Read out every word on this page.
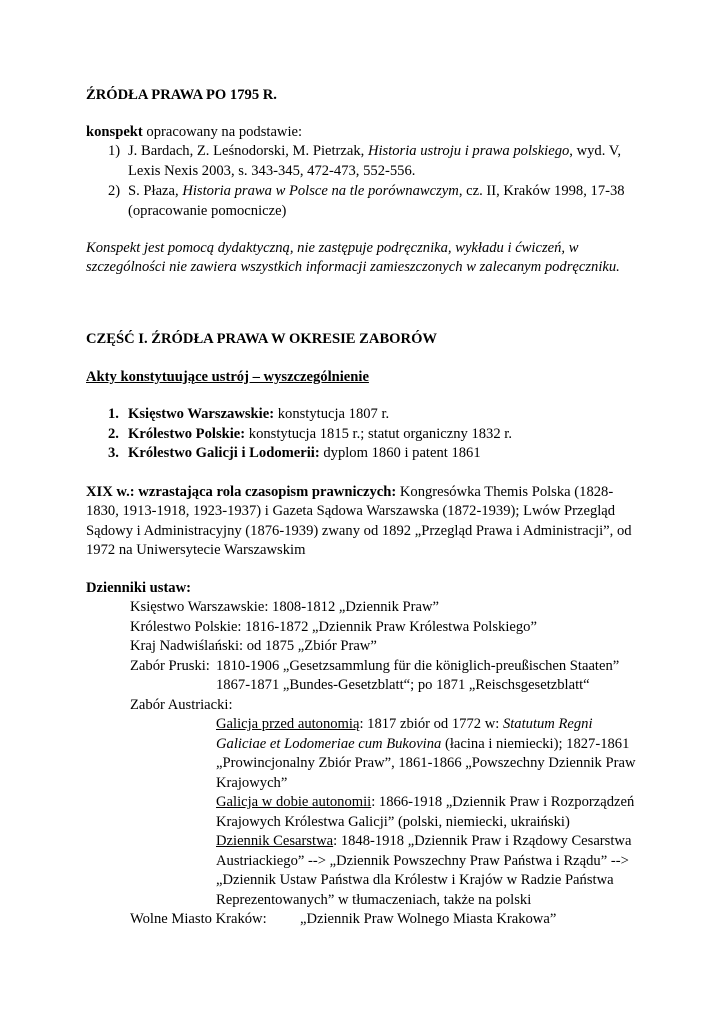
ŹRÓDŁA PRAWA PO 1795 R.
konspekt opracowany na podstawie:
1) J. Bardach, Z. Leśnodorski, M. Pietrzak, Historia ustroju i prawa polskiego, wyd. V,
Lexis Nexis 2003, s. 343-345, 472-473, 552-556.
2) S. Płaza, Historia prawa w Polsce na tle porównawczym, cz. II, Kraków 1998, 17-38
(opracowanie pomocnicze)
Konspekt jest pomocą dydaktyczną, nie zastępuje podręcznika, wykładu i ćwiczeń, w
szczególności nie zawiera wszystkich informacji zamieszczonych w zalecanym podręczniku.
CZĘŚĆ I. ŹRÓDŁA PRAWA W OKRESIE ZABORÓW
Akty konstytuujące ustrój – wyszczególnienie
1. Księstwo Warszawskie: konstytucja 1807 r.
2. Królestwo Polskie: konstytucja 1815 r.; statut organiczny 1832 r.
3. Królestwo Galicji i Lodomerii: dyplom 1860 i patent 1861
XIX w.: wzrastająca rola czasopism prawniczych: Kongresówka Themis Polska (1828-
1830, 1913-1918, 1923-1937) i Gazeta Sądowa Warszawska (1872-1939); Lwów Przegląd
Sądowy i Administracyjny (1876-1939) zwany od 1892 „Przegląd Prawa i Administracji”, od
1972 na Uniwersytecie Warszawskim
Dzienniki ustaw:
Księstwo Warszawskie: 1808-1812 „Dziennik Praw”
Królestwo Polskie: 1816-1872 „Dziennik Praw Królestwa Polskiego”
Kraj Nadwiślański: od 1875 „Zbiór Praw”
Zabór Pruski: 1810-1906 „Gesetzsammlung für die königlich-preußischen Staaten”
1867-1871 „Bundes-Gesetzblatt“; po 1871 „Reischsgesetzblatt“
Zabór Austriacki:
Galicja przed autonomią: 1817 zbiór od 1772 w: Statutum Regni
Galiciae et Lodomeriae cum Bukovina (łacina i niemiecki); 1827-1861
„Prowincjonalny Zbiór Praw”, 1861-1866 „Powszechny Dziennik Praw
Krajowych”
Galicja w dobie autonomii: 1866-1918 „Dziennik Praw i Rozporządzeń
Krajowych Królestwa Galicji” (polski, niemiecki, ukraiński)
Dziennik Cesarstwa: 1848-1918 „Dziennik Praw i Rządowy Cesarstwa
Austriackiego” --> „Dziennik Powszechny Praw Państwa i Rządu” -->
„Dziennik Ustaw Państwa dla Królestw i Krajów w Radzie Państwa
Reprezentowanych” w tłumaczeniach, także na polski
Wolne Miasto Kraków: „Dziennik Praw Wolnego Miasta Krakowa”
